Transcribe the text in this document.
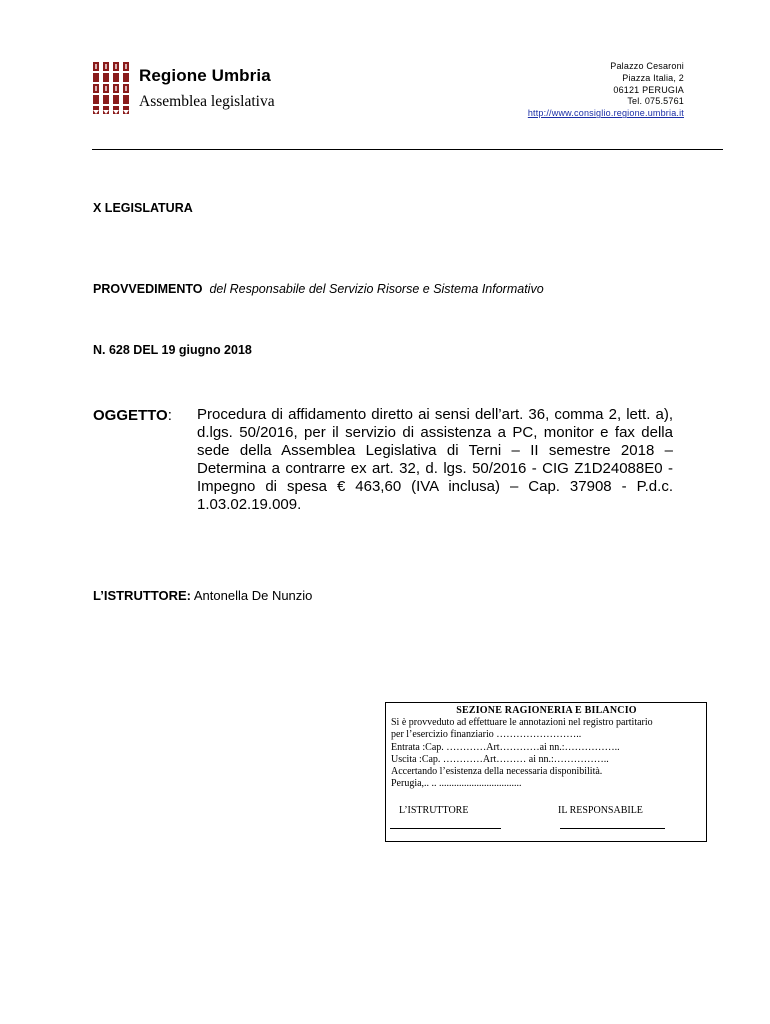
Regione Umbria
Assemblea legislativa
Palazzo Cesaroni
Piazza Italia, 2
06121 PERUGIA
Tel. 075.5761
http://www.consiglio.regione.umbria.it
X LEGISLATURA
PROVVEDIMENTO del Responsabile del Servizio Risorse e Sistema Informativo
N. 628 DEL 19 giugno 2018
OGGETTO: Procedura di affidamento diretto ai sensi dell’art. 36, comma 2, lett. a), d.lgs. 50/2016, per il servizio di assistenza a PC, monitor e fax della sede della Assemblea Legislativa di Terni – II semestre 2018 – Determina a contrarre ex art. 32, d. lgs. 50/2016 - CIG Z1D24088E0 - Impegno di spesa € 463,60 (IVA inclusa) – Cap. 37908 - P.d.c. 1.03.02.19.009.
L’ISTRUTTORE: Antonella De Nunzio
SEZIONE RAGIONERIA E BILANCIO
Si è provveduto ad effettuare le annotazioni nel registro partitario
per l’esercizio finanziario ……………………..
Entrata :Cap. …………Art…………ai nn.:……………..
Uscita :Cap. …………Art……… ai nn.:……………..
Accertando l’esistenza della necessaria disponibilità.
Perugia,.. .. .................................
L’ISTRUTTORE	IL RESPONSABILE
